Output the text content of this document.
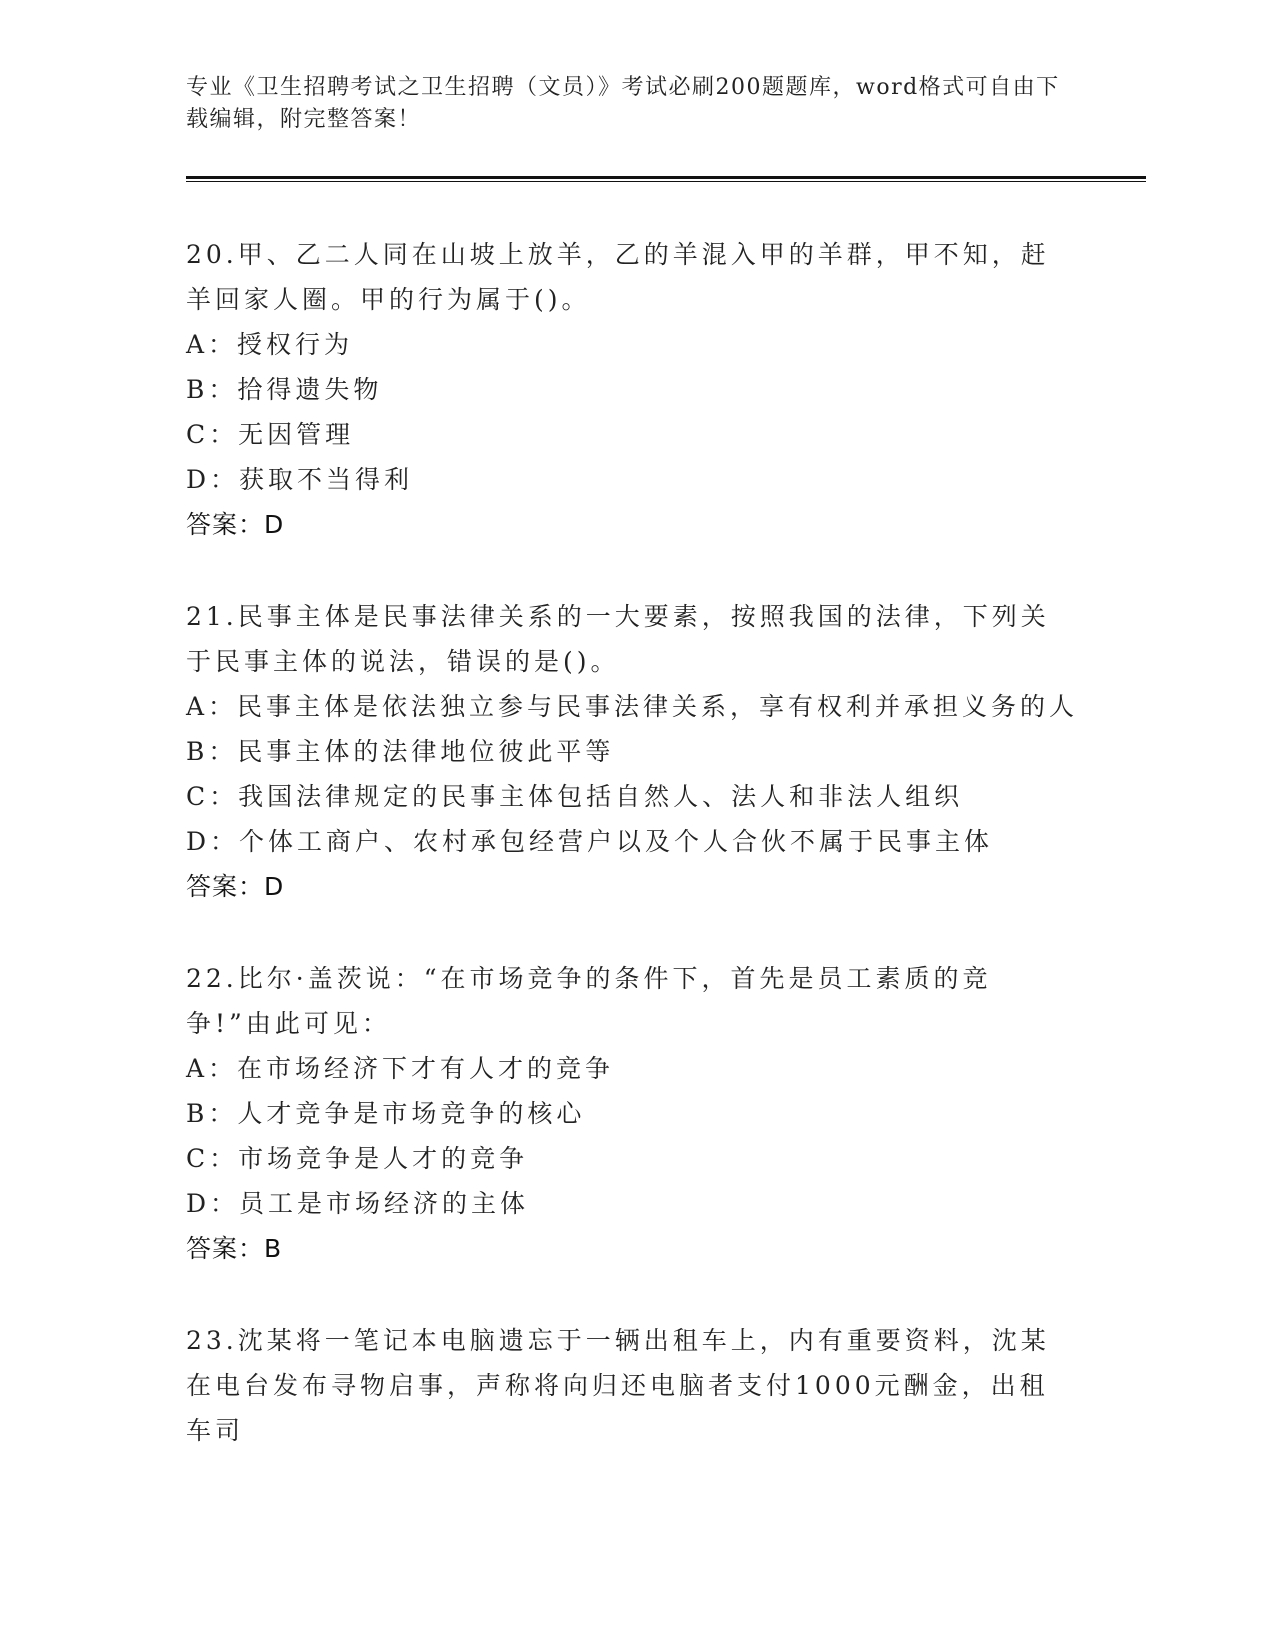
专业《卫生招聘考试之卫生招聘（文员）》考试必刷200题题库，word格式可自由下载编辑，附完整答案！

20.甲、乙二人同在山坡上放羊，乙的羊混入甲的羊群，甲不知，赶羊回家人圈。甲的行为属于()。

A：授权行为

B：拾得遗失物

C：无因管理

D：获取不当得利

答案：D

21.民事主体是民事法律关系的一大要素，按照我国的法律，下列关于民事主体的说法，错误的是()。

A：民事主体是依法独立参与民事法律关系，享有权利并承担义务的人

B：民事主体的法律地位彼此平等

C：我国法律规定的民事主体包括自然人、法人和非法人组织

D：个体工商户、农村承包经营户以及个人合伙不属于民事主体

答案：D

22.比尔·盖茨说：“在市场竞争的条件下，首先是员工素质的竞争!”由此可见：

A：在市场经济下才有人才的竞争

B：人才竞争是市场竞争的核心

C：市场竞争是人才的竞争

D：员工是市场经济的主体

答案：B

23.沈某将一笔记本电脑遗忘于一辆出租车上，内有重要资料，沈某在电台发布寻物启事，声称将向归还电脑者支付1000元酬金，出租车司
